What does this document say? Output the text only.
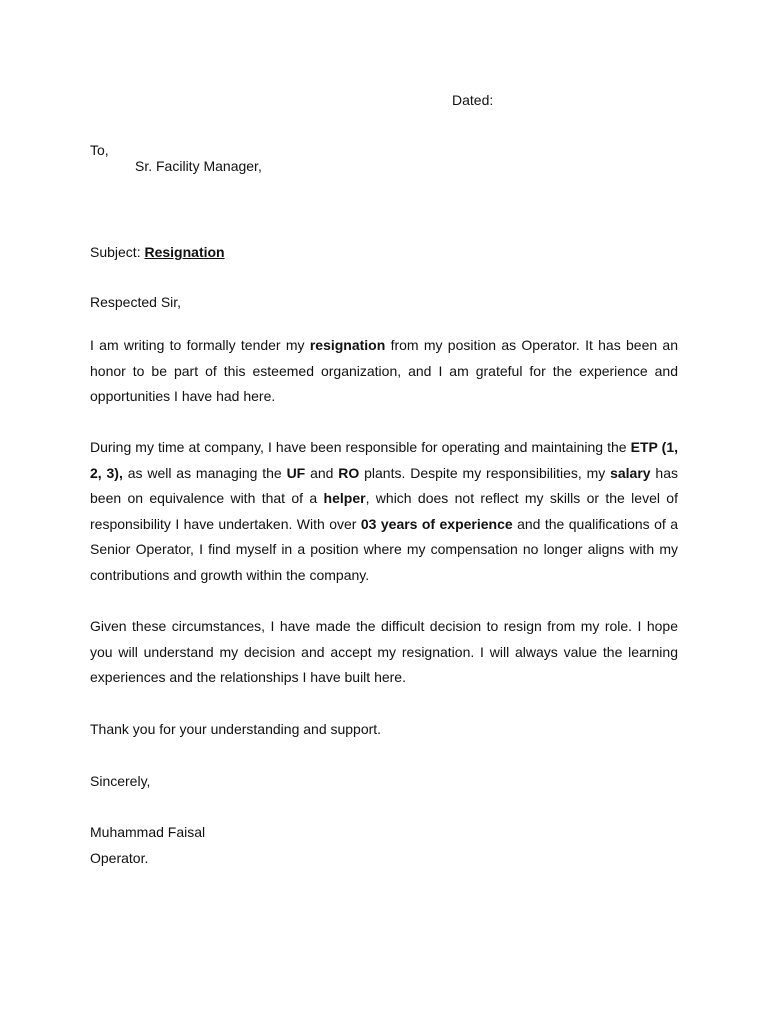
Dated:
To,
Sr. Facility Manager,
Subject: Resignation
Respected Sir,
I am writing to formally tender my resignation from my position as Operator. It has been an honor to be part of this esteemed organization, and I am grateful for the experience and opportunities I have had here.
During my time at company, I have been responsible for operating and maintaining the ETP (1, 2, 3), as well as managing the UF and RO plants. Despite my responsibilities, my salary has been on equivalence with that of a helper, which does not reflect my skills or the level of responsibility I have undertaken. With over 03 years of experience and the qualifications of a Senior Operator, I find myself in a position where my compensation no longer aligns with my contributions and growth within the company.
Given these circumstances, I have made the difficult decision to resign from my role. I hope you will understand my decision and accept my resignation. I will always value the learning experiences and the relationships I have built here.
Thank you for your understanding and support.
Sincerely,
Muhammad Faisal
Operator.
